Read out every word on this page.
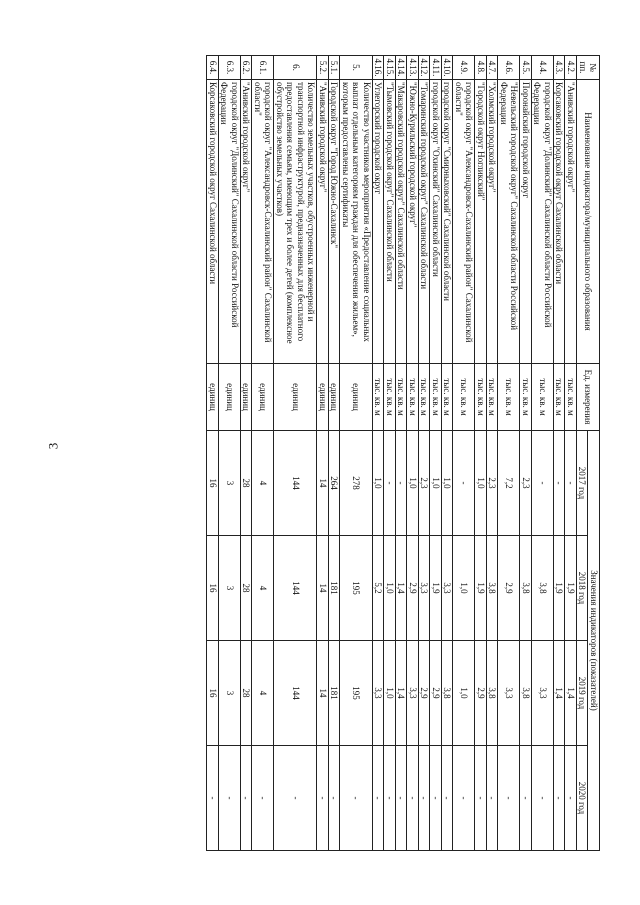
3
№ пп.	Наименование индикатора/муниципального образования	Ед. измерения	Значения индикаторов (показателей)			
			2017 год	2018 год	2019 год	2020 год
4.2.	"Анивский городской округ"	тыс. кв. м	-	1,9	1,4	-
4.3.	Корсаковский городской округ Сахалинской области	тыс. кв. м	-	1,9	1,4	-
4.4.	городской округ "Долинский" Сахалинской области Российской Федерации	тыс. кв. м	-	3,8	3,3	-
4.5.	Поронайский городской округ	тыс. кв. м	2,3	3,8	3,8	-
4.6.	"Невельский городской округ" Сахалинской области Российской Федерации	тыс. кв. м	7,2	2,9	3,3	-
4.7.	"Холмский городской округ"	тыс. кв. м	2,3	3,8	3,8	-
4.8.	"Городской округ Ногликский"	тыс. кв. м	1,0	1,9	2,9	-
4.9.	городской округ "Александровск-Сахалинский район" Сахалинской области"	тыс. кв. м	-	1,0	1,0	-
4.10.	городской округ "Смирныховский" Сахалинской области	тыс. кв. м	1,0	3,3	3,8	-
4.11.	городской округ "Охинский" Сахалинской области	тыс. кв. м	1,0	1,9	2,9	-
4.12.	"Томаринский городской округ" Сахалинской области	тыс. кв. м	2,3	3,3	2,9	-
4.13.	"Южно-Курильский городской округ"	тыс. кв. м	1,0	2,9	3,3	-
4.14.	"Макаровский городской округ" Сахалинской области	тыс. кв. м	-	1,4	1,4	-
4.15.	"Тымовский городской округ" Сахалинской области	тыс. кв. м	-	1,0	1,0	-
4.16.	Углегорский городской округ	тыс. кв. м	1,0	5,2	3,3	-
5.	Количество участников мероприятия «Предоставление социальных выплат отдельным категориям граждан для обеспечения жильем», которым предоставлены сертификаты	единиц	278	195	195	-
5.1.	Городской округ "Город Южно-Сахалинск"	единиц	264	181	181	-
5.2.	"Анивский городской округ"	единиц	14	14	14	-
6.	Количество земельных участков, обустроенных инженерной и транспортной инфраструктурой, предназначенных для бесплатного предоставления семьям, имеющим трех и более детей (комплексное обустройство земельных участков)	единиц	144	144	144	-
6.1.	городской округ "Александровск-Сахалинский район" Сахалинской области"	единиц	4	4	4	-
6.2.	"Анивский городской округ"	единиц	28	28	28	-
6.3.	городской округ "Долинский" Сахалинской области Российской Федерации	единиц	3	3	3	-
6.4.	Корсаковский городской округ Сахалинской области	единиц	16	16	16	-
